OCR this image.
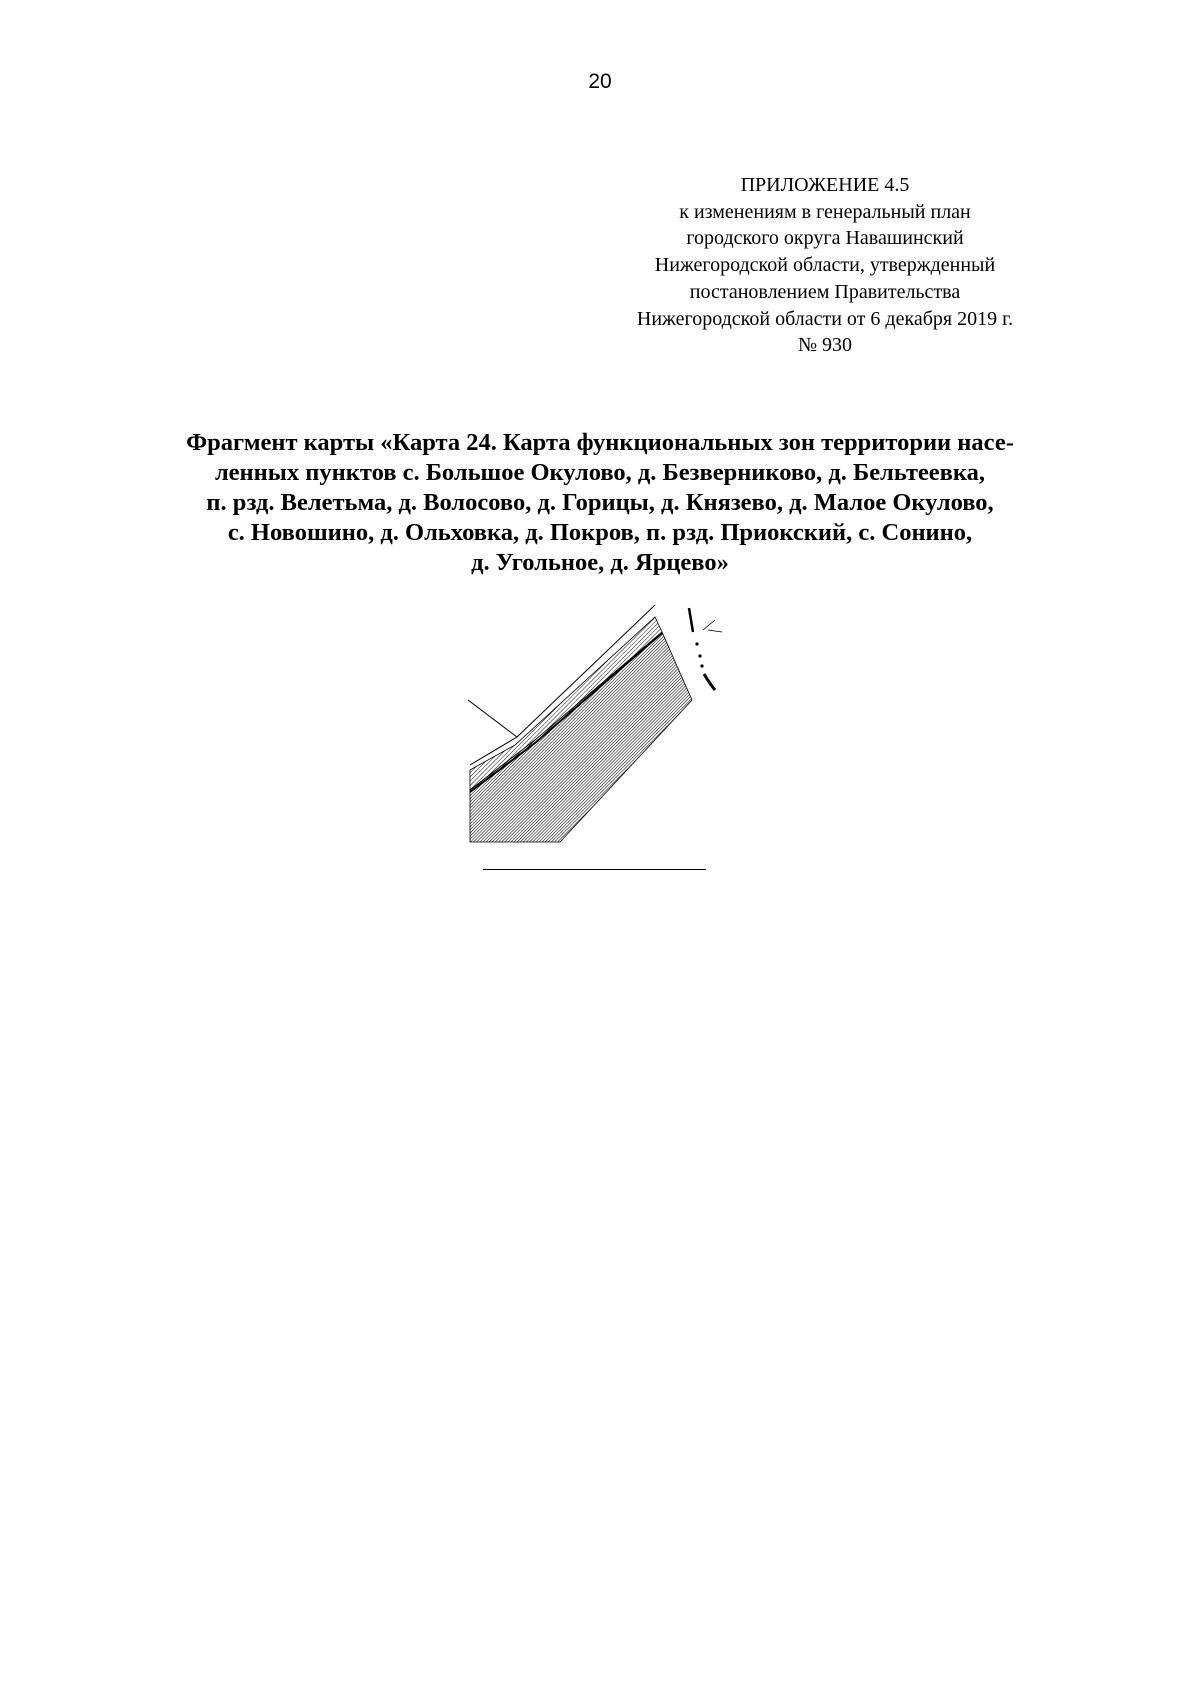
20
ПРИЛОЖЕНИЕ 4.5
к изменениям в генеральный план
городского округа Навашинский
Нижегородской области, утвержденный
постановлением Правительства
Нижегородской области от 6 декабря 2019 г.
№ 930
Фрагмент карты «Карта 24. Карта функциональных зон территории насе-
ленных пунктов с. Большое Окулово, д. Безверниково, д. Бельтеевка,
п. рзд. Велетьма, д. Волосово, д. Горицы, д. Князево, д. Малое Окулово,
с. Новошино, д. Ольховка, д. Покров, п. рзд. Приокский, с. Сонино,
д. Угольное, д. Ярцево»
